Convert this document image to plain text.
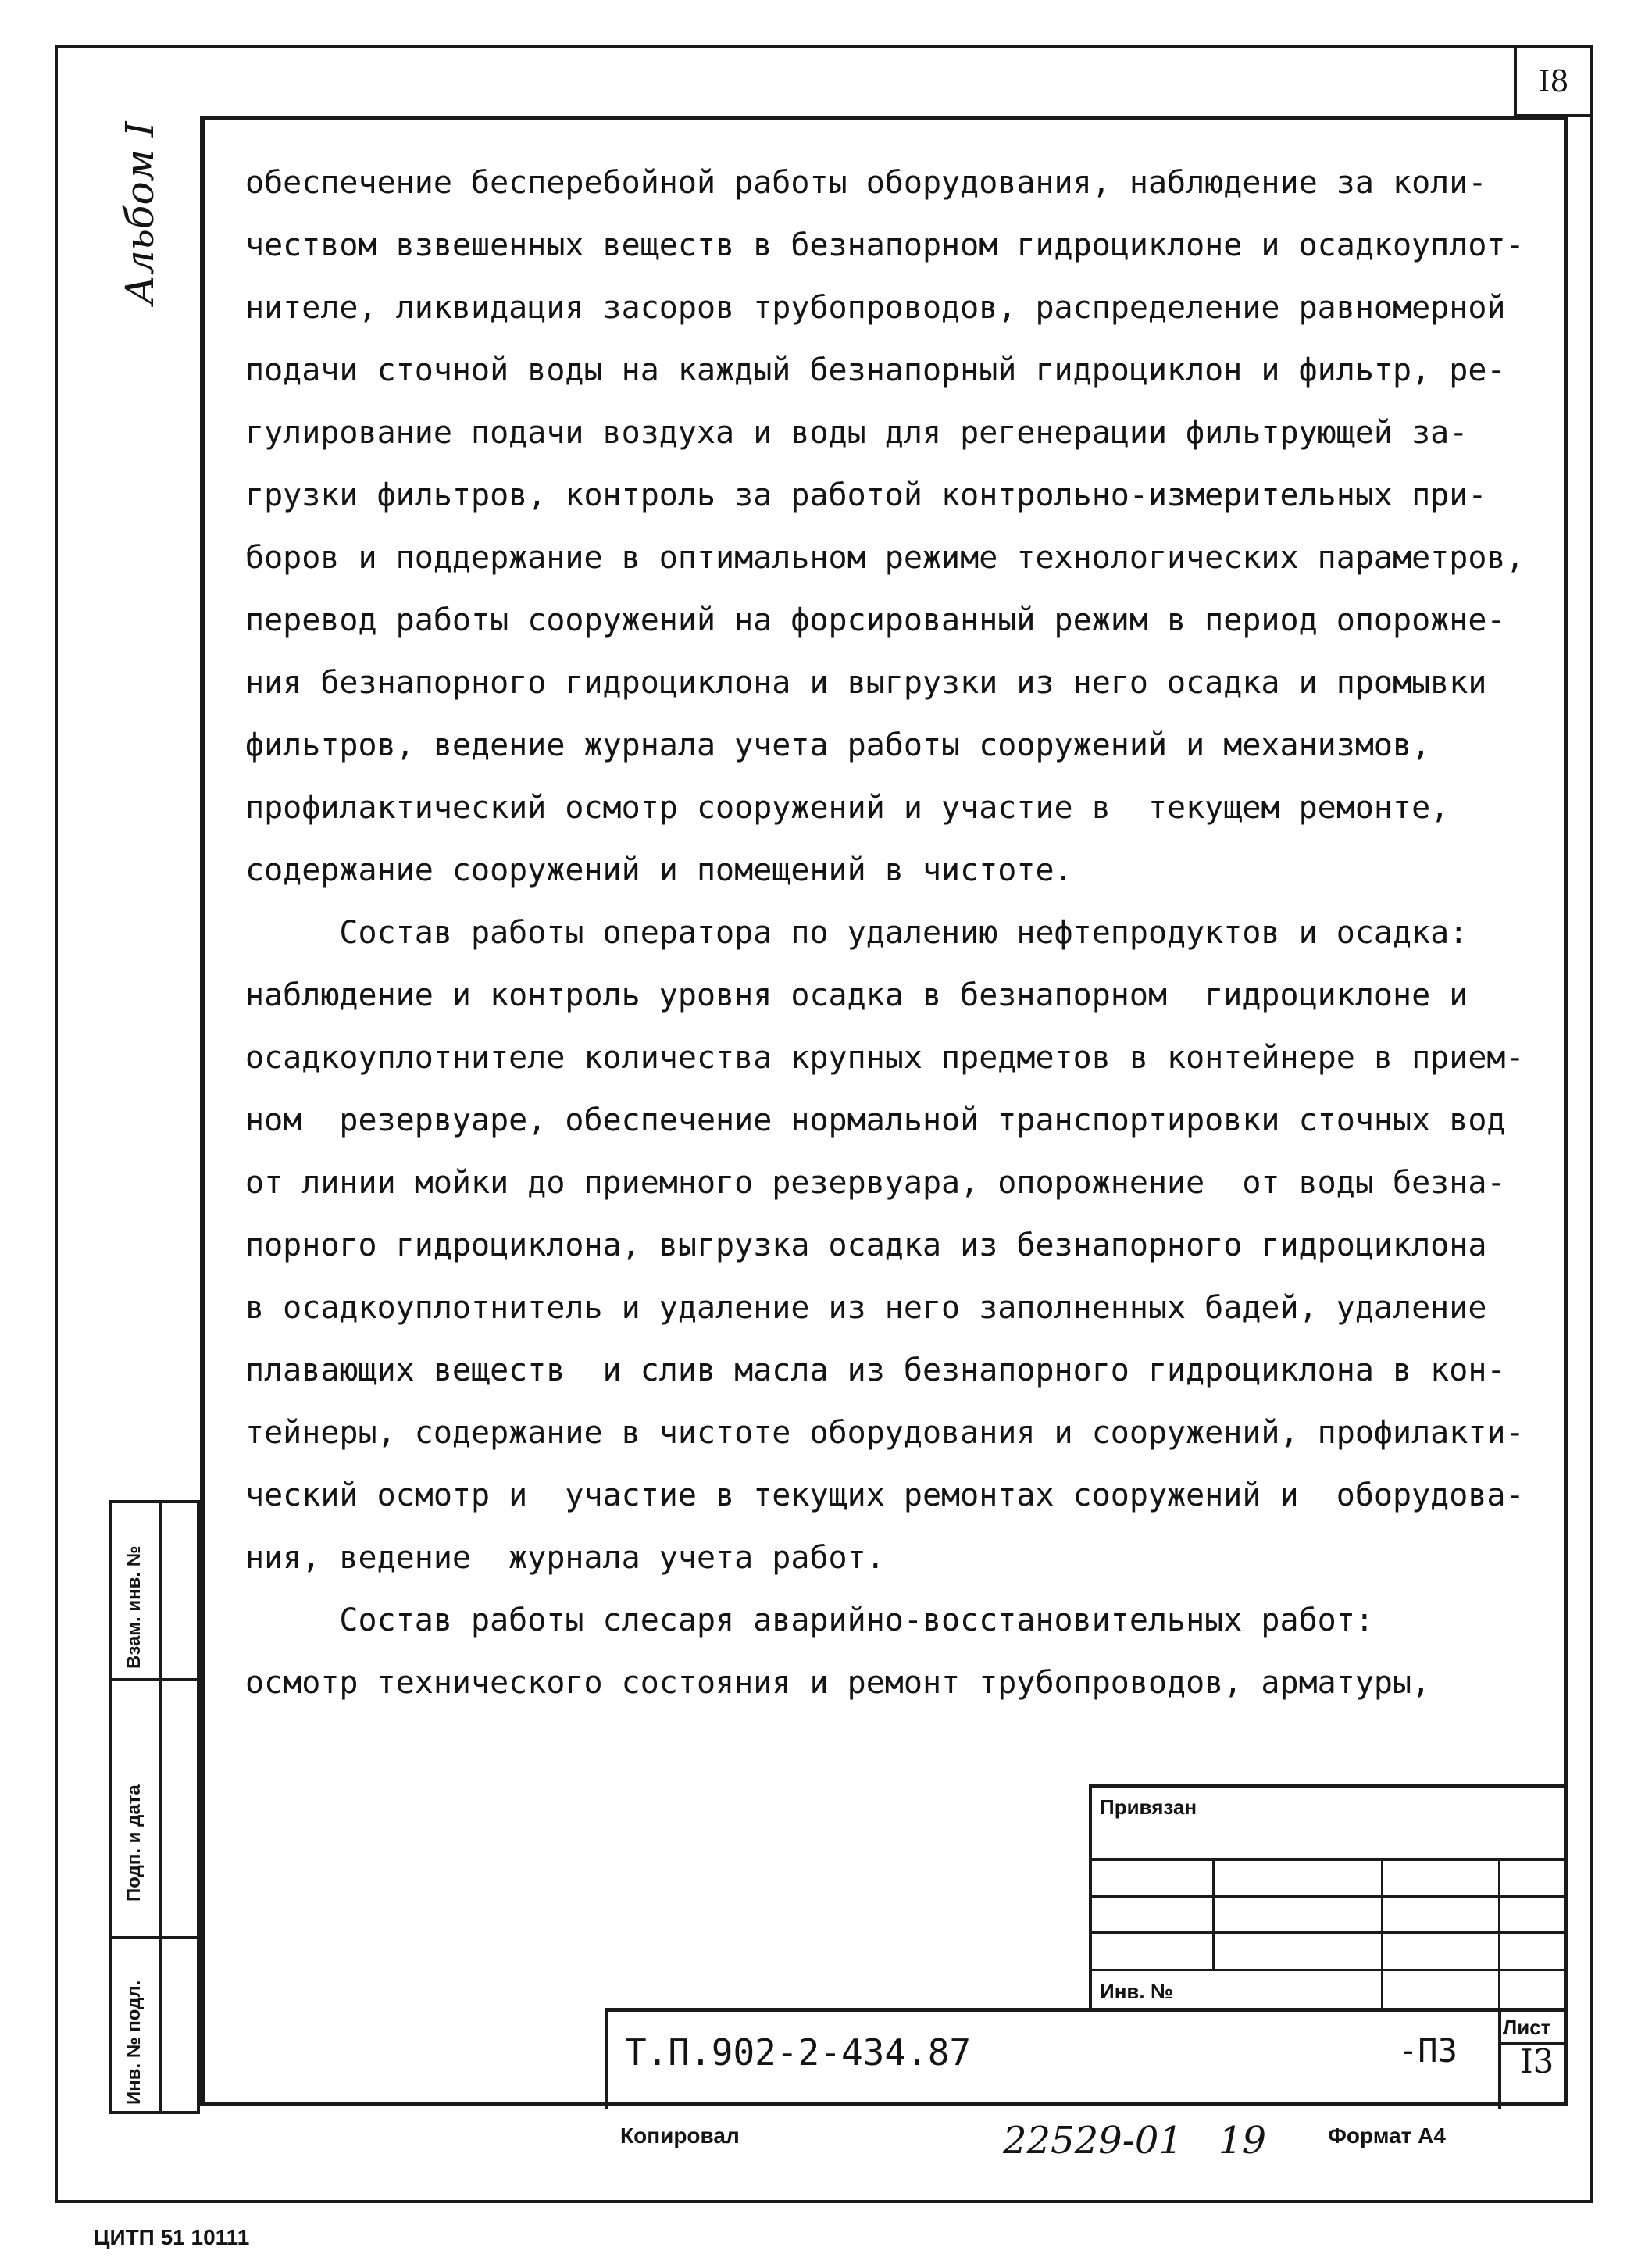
I8
Альбом I	обеспечение бесперебойной работы оборудования, наблюдение за коли-
чеством взвешенных веществ в безнапорном гидроциклоне и осадкоуплот-
нителе, ликвидация засоров трубопроводов, распределение равномерной
подачи сточной воды на каждый безнапорный гидроциклон и фильтр, ре-
гулирование подачи воздуха и воды для регенерации фильтрующей за-
грузки фильтров, контроль за работой контрольно-измерительных при-
боров и поддержание в оптимальном режиме технологических параметров,
перевод работы сооружений на форсированный режим в период опорожне-
ния безнапорного гидроциклона и выгрузки из него осадка и промывки
фильтров, ведение журнала учета работы сооружений и механизмов,
профилактический осмотр сооружений и участие в  текущем ремонте,
содержание сооружений и помещений в чистоте.
Состав работы оператора по удалению нефтепродуктов и осадка:
наблюдение и контроль уровня осадка в безнапорном  гидроциклоне и
осадкоуплотнителе количества крупных предметов в контейнере в прием-
ном  резервуаре, обеспечение нормальной транспортировки сточных вод
от линии мойки до приемного резервуара, опорожнение  от воды безна-
порного гидроциклона, выгрузка осадка из безнапорного гидроциклона
в осадкоуплотнитель и удаление из него заполненных бадей, удаление
плавающих веществ  и слив масла из безнапорного гидроциклона в кон-
тейнеры, содержание в чистоте оборудования и сооружений, профилакти-
ческий осмотр и  участие в текущих ремонтах сооружений и  оборудова-
ния, ведение  журнала учета работ.
Состав работы слесаря аварийно-восстановительных работ:
осмотр технического состояния и ремонт трубопроводов, арматуры,
Взам. инв. №
Подп. и дата
Инв. № подл.
Привязан
Инв. №
Т.П.902-2-434.87	-ПЗ
Лист
I3
Копировал	22529-01 19	Формат А4
ЦИТП 51 10111
